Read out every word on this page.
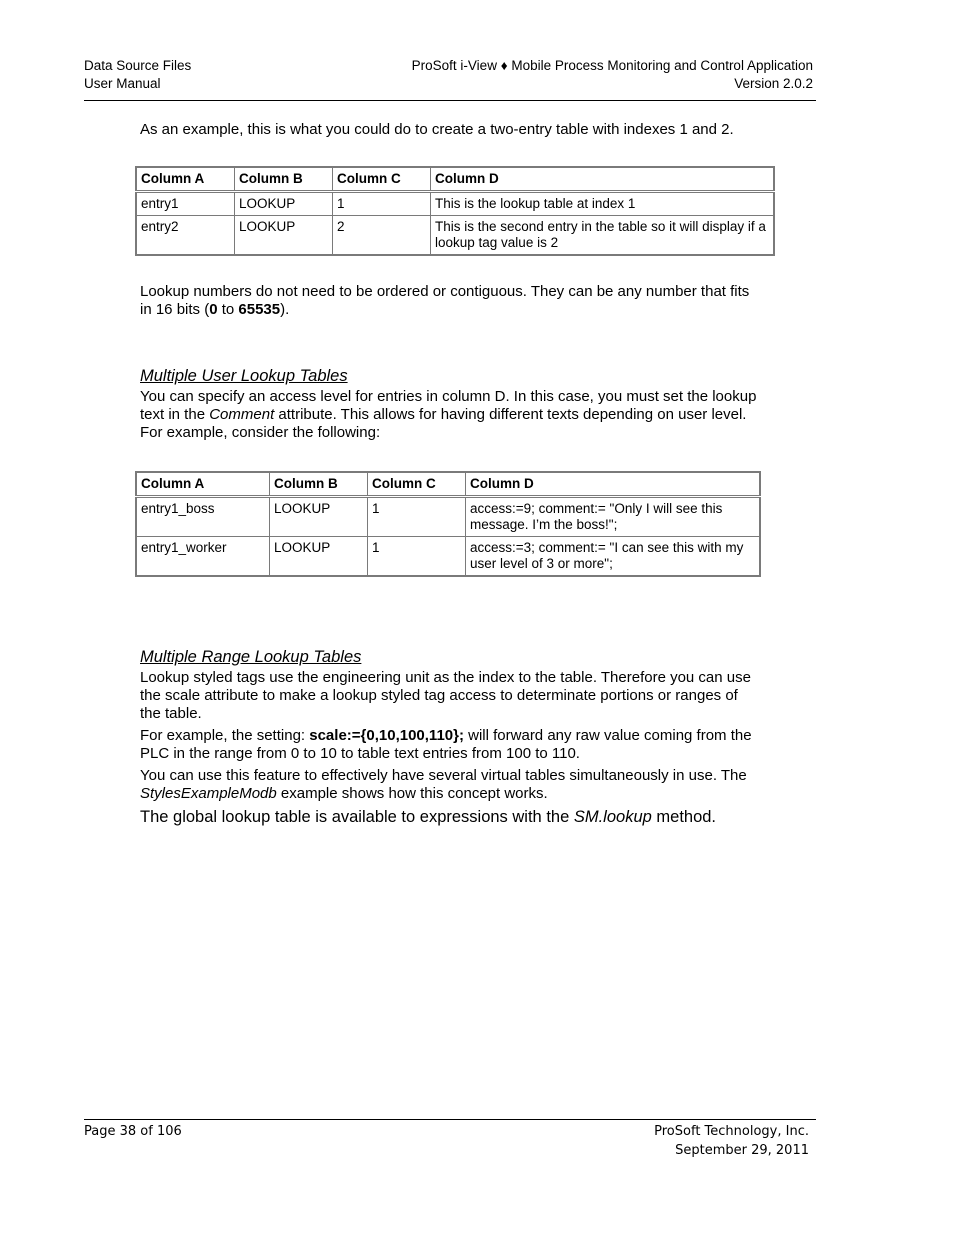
Data Source Files
User Manual
ProSoft i-View ♦ Mobile Process Monitoring and Control Application
Version 2.0.2

As an example, this is what you could do to create a two-entry table with indexes 1 and 2.

Column A	Column B	Column C	Column D
entry1	LOOKUP	1	This is the lookup table at index 1
entry2	LOOKUP	2	This is the second entry in the table so it will display if a lookup tag value is 2

Lookup numbers do not need to be ordered or contiguous. They can be any number that fits in 16 bits (0 to 65535).

Multiple User Lookup Tables

You can specify an access level for entries in column D. In this case, you must set the lookup text in the Comment attribute. This allows for having different texts depending on user level. For example, consider the following:

Column A	Column B	Column C	Column D
entry1_boss	LOOKUP	1	access:=9; comment:= "Only I will see this message. I’m the boss!";
entry1_worker	LOOKUP	1	access:=3; comment:= "I can see this with my user level of 3 or more";

Multiple Range Lookup Tables

Lookup styled tags use the engineering unit as the index to the table. Therefore you can use the scale attribute to make a lookup styled tag access to determinate portions or ranges of the table.

For example, the setting: scale:={0,10,100,110}; will forward any raw value coming from the PLC in the range from 0 to 10 to table text entries from 100 to 110.

You can use this feature to effectively have several virtual tables simultaneously in use. The StylesExampleModb example shows how this concept works.

The global lookup table is available to expressions with the SM.lookup method.

Page 38 of 106	ProSoft Technology, Inc.
September 29, 2011
